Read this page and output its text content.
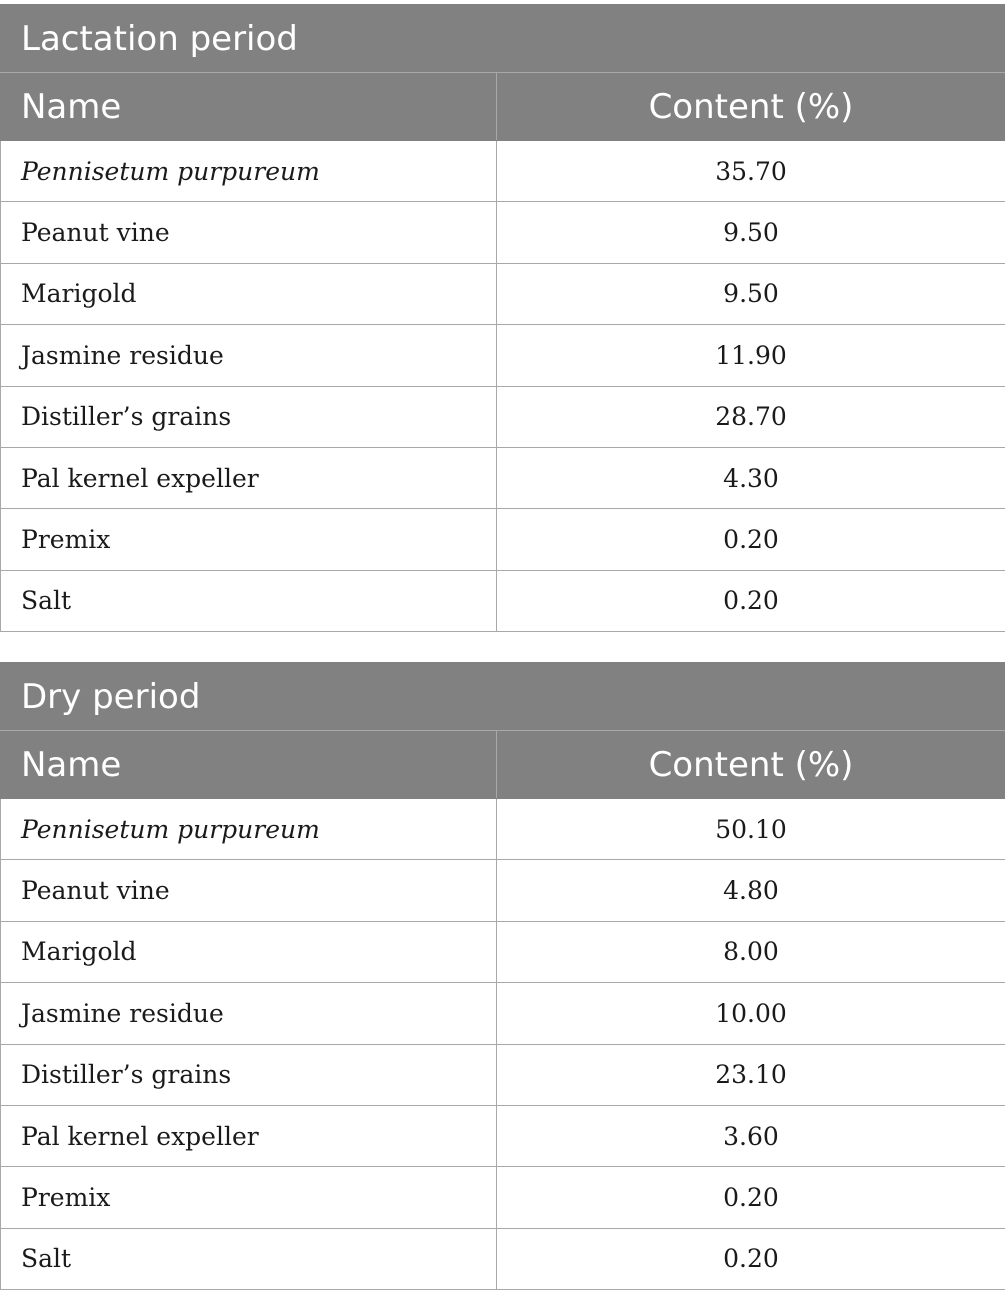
Lactation period	
Name	Content (%)
Pennisetum purpureum	35.70
Peanut vine	9.50
Marigold	9.50
Jasmine residue	11.90
Distiller’s grains	28.70
Pal kernel expeller	4.30
Premix	0.20
Salt	0.20
Dry period	
Name	Content (%)
Pennisetum purpureum	50.10
Peanut vine	4.80
Marigold	8.00
Jasmine residue	10.00
Distiller’s grains	23.10
Pal kernel expeller	3.60
Premix	0.20
Salt	0.20
